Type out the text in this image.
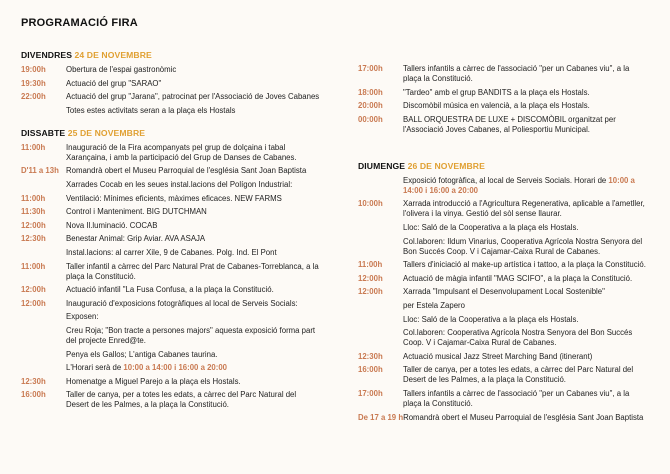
PROGRAMACIÓ FIRA
DIVENDRES 24 DE NOVEMBRE
19:00h	Obertura de l'espai gastronòmic
19:30h	Actuació del grup "SARAO"
22:00h	Actuació del grup "Jarana", patrocinat per l'Associació de Joves Cabanes
Totes estes activitats seran a la plaça els Hostals
DISSABTE 25 DE NOVEMBRE
11:00h	Inauguració de la Fira acompanyats pel grup de dolçaina i tabal Xarançaina, i amb la participació del Grup de Danses de Cabanes.
D'11 a 13h Romandrà obert el Museu Parroquial de l'església Sant Joan Baptista
Xarrades Cocab en les seues instal.lacions del Polígon Industrial:
11:00h	Ventilació: Mínimes eficients, màximes eficaces. NEW FARMS
11:30h	Control i Manteniment. BIG DUTCHMAN
12:00h	Nova Il.luminació. COCAB
12:30h	Benestar Animal: Grip Aviar. AVA ASAJA
Instal.lacions: al carrer Xile, 9 de Cabanes. Polg. Ind. El Pont
11:00h	Taller infantil a càrrec del Parc Natural Prat de Cabanes-Torreblanca, a la plaça la Constitució.
12:00h	Actuació infantil "La Fusa Confusa, a la plaça la Constitució.
12:00h	Inauguració d'exposicions fotogràfiques al local de Serveis Socials:
Exposen:
Creu Roja; "Bon tracte a persones majors" aquesta exposició forma part del projecte Enred@te.
Penya els Gallos; L'antiga Cabanes taurina.
L'Horari serà de 10:00 a 14:00 i 16:00 a 20:00
12:30h	Homenatge a Miguel Parejo a la plaça els Hostals.
16:00h	Taller de canya, per a totes les edats, a càrrec del Parc Natural del Desert de les Palmes, a la plaça la Constitució.
17:00h	Tallers infantils a càrrec de l'associació "per un Cabanes viu", a la plaça la Constitució.
18:00h	"Tardeo" amb el grup BANDITS a la plaça els Hostals.
20:00h	Discomòbil música en valencià, a la plaça els Hostals.
00:00h	BALL ORQUESTRA DE LUXE + DISCOMÒBIL organitzat per l'Associació Joves Cabanes, al Poliesportiu Municipal.
DIUMENGE 26 DE NOVEMBRE
Exposició fotogràfica, al local de Serveis Socials. Horari de 10:00 a 14:00 i 16:00 a 20:00
10:00h	Xarrada introducció a l'Agricultura Regenerativa, aplicable a l'ametller, l'olivera i la vinya. Gestió del sòl sense llaurar.
Lloc: Saló de la Cooperativa a la plaça els Hostals.
Col.laboren: Ildum Vinarius, Cooperativa Agrícola Nostra Senyora del Bon Succés Coop. V i Cajamar-Caixa Rural de Cabanes.
11:00h	Tallers d'iniciació al make-up artística i tattoo, a la plaça la Constitució.
12:00h	Actuació de màgia infantil "MAG SCIFO", a la plaça la Constitució.
12:00h	Xarrada "Impulsant el Desenvolupament Local Sostenible"
per Estela Zapero
Lloc: Saló de la Cooperativa a la plaça els Hostals.
Col.laboren: Cooperativa Agrícola Nostra Senyora del Bon Succés Coop. V i Cajamar-Caixa Rural de Cabanes.
12:30h	Actuació musical Jazz Street Marching Band (itinerant)
16:00h	Taller de canya, per a totes les edats, a càrrec del Parc Natural del Desert de les Palmes, a la plaça la Constitució.
17:00h	Tallers infantils a càrrec de l'associació "per un Cabanes viu", a la plaça la Constitució.
De 17 a 19 h Romandrà obert el Museu Parroquial de l'església Sant Joan Baptista
